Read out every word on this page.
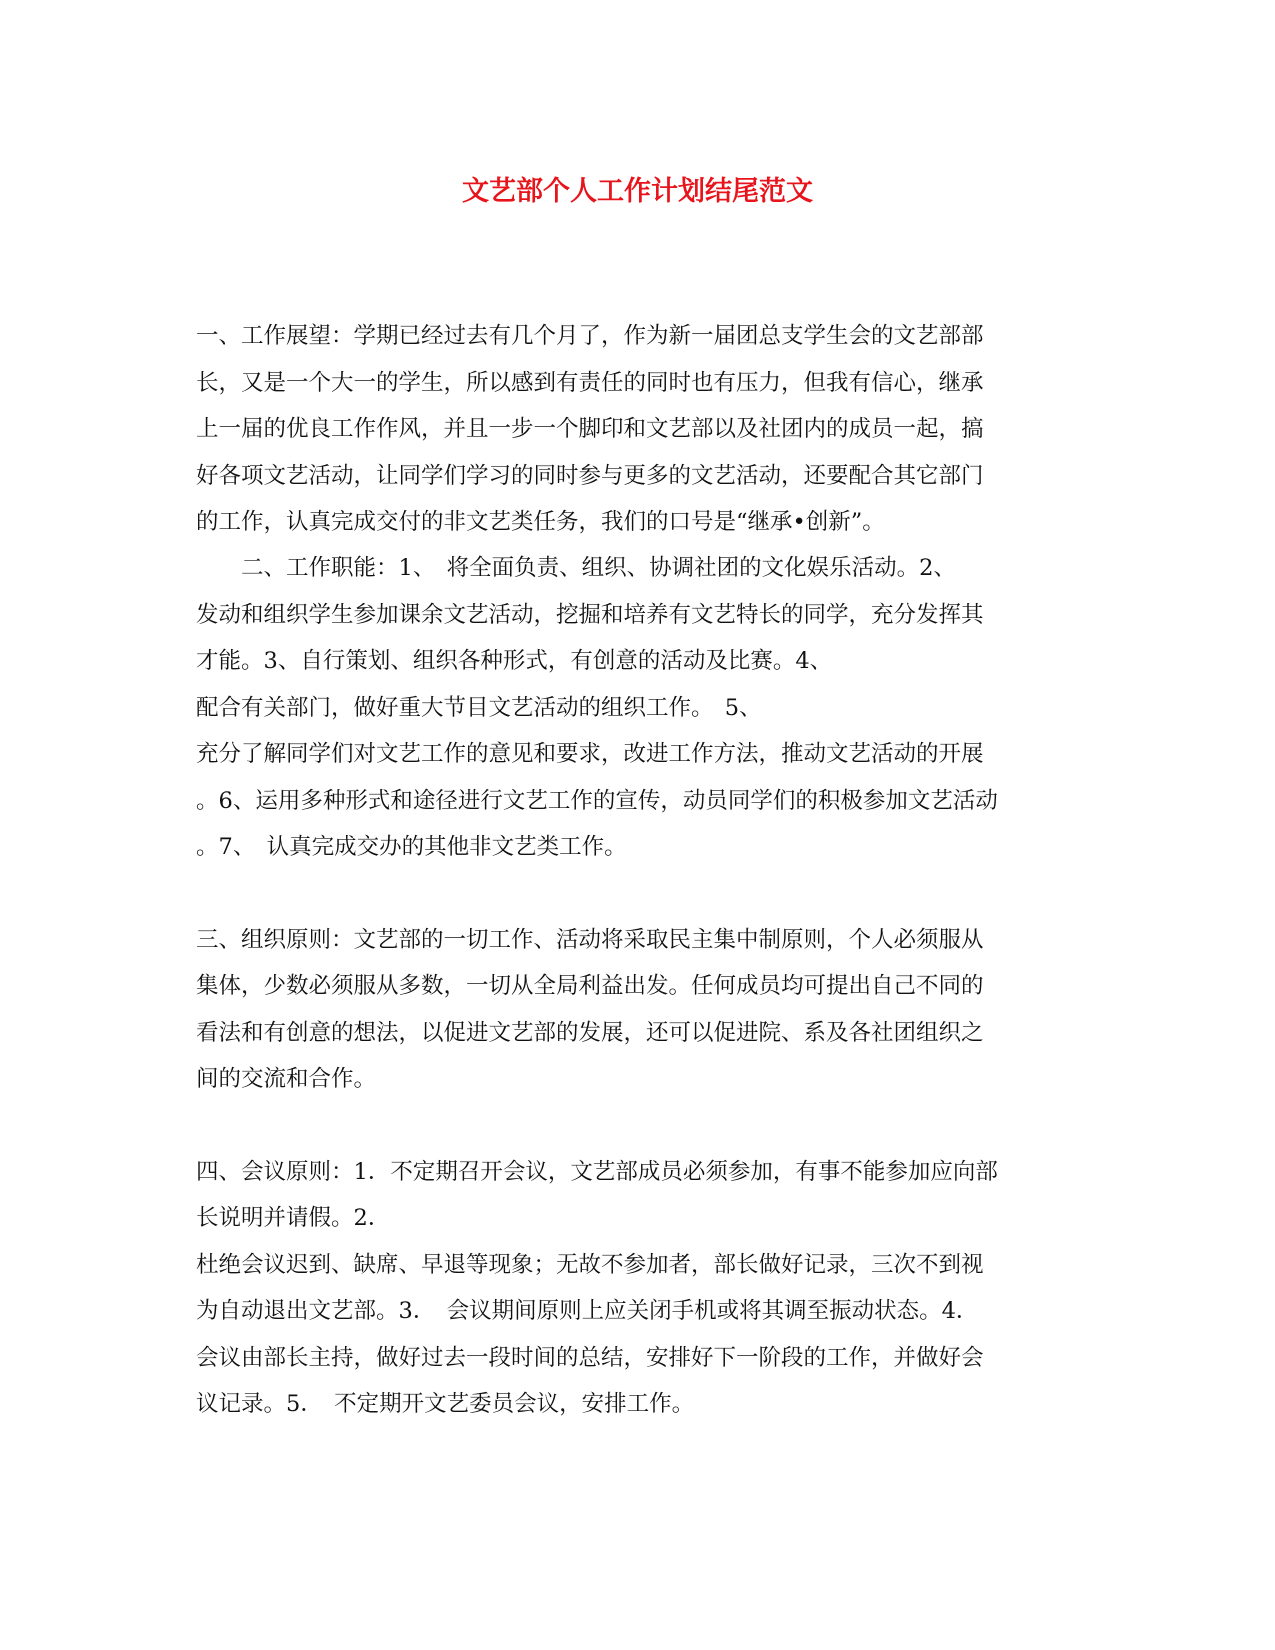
文艺部个人工作计划结尾范文

一、工作展望：学期已经过去有几个月了，作为新一届团总支学生会的文艺部部

长，又是一个大一的学生，所以感到有责任的同时也有压力，但我有信心，继承

上一届的优良工作作风，并且一步一个脚印和文艺部以及社团内的成员一起，搞

好各项文艺活动，让同学们学习的同时参与更多的文艺活动，还要配合其它部门

的工作，认真完成交付的非文艺类任务，我们的口号是“继承•创新”。

　　二、工作职能：1、　将全面负责、组织、协调社团的文化娱乐活动。2、

发动和组织学生参加课余文艺活动，挖掘和培养有文艺特长的同学，充分发挥其

才能。3、自行策划、组织各种形式，有创意的活动及比赛。4、

配合有关部门，做好重大节目文艺活动的组织工作。　5、

充分了解同学们对文艺工作的意见和要求，改进工作方法，推动文艺活动的开展

。6、运用多种形式和途径进行文艺工作的宣传，动员同学们的积极参加文艺活动

。7、　认真完成交办的其他非文艺类工作。

三、组织原则：文艺部的一切工作、活动将采取民主集中制原则，个人必须服从

集体，少数必须服从多数，一切从全局利益出发。任何成员均可提出自己不同的

看法和有创意的想法，以促进文艺部的发展，还可以促进院、系及各社团组织之

间的交流和合作。

四、会议原则：1．不定期召开会议，文艺部成员必须参加，有事不能参加应向部

长说明并请假。2．

杜绝会议迟到、缺席、早退等现象；无故不参加者，部长做好记录，三次不到视

为自动退出文艺部。3．　会议期间原则上应关闭手机或将其调至振动状态。4．

会议由部长主持，做好过去一段时间的总结，安排好下一阶段的工作，并做好会

议记录。5．　不定期开文艺委员会议，安排工作。
